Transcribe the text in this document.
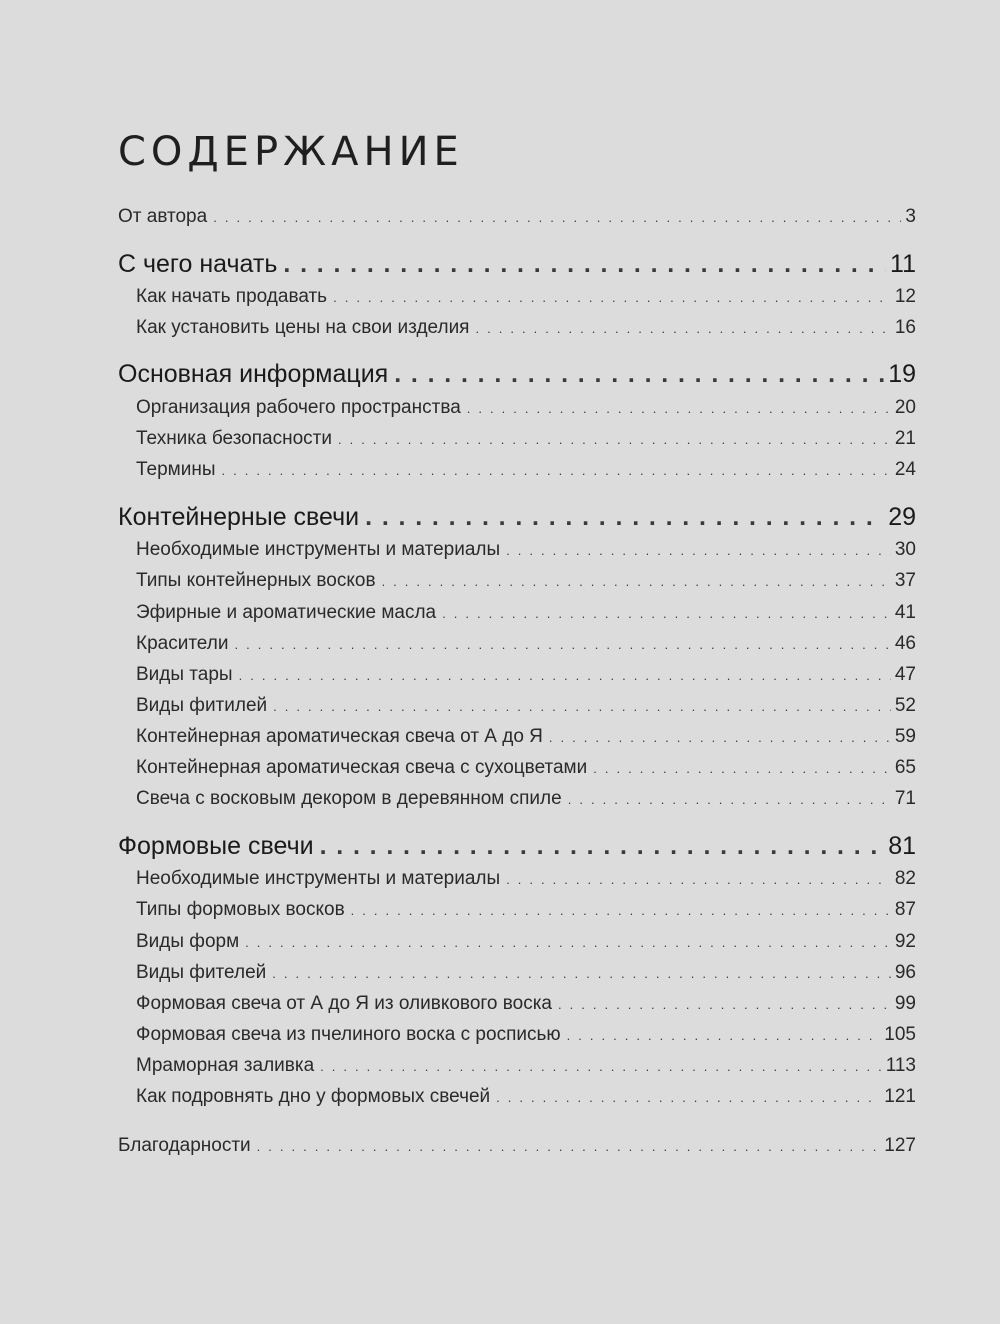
СОДЕРЖАНИЕ
От автора . . .	3
С чего начать . . .	11
Как начать продавать . . .	12
Как установить цены на свои изделия . . .	16
Основная информация . . .	19
Организация рабочего пространства . . .	20
Техника безопасности . . .	21
Термины . . .	24
Контейнерные свечи . . .	29
Необходимые инструменты и материалы . . .	30
Типы контейнерных восков . . .	37
Эфирные и ароматические масла . . .	41
Красители . . .	46
Виды тары . . .	47
Виды фитилей . . .	52
Контейнерная ароматическая свеча от А до Я . . .	59
Контейнерная ароматическая свеча с сухоцветами . . .	65
Свеча с восковым декором в деревянном спиле . . .	71
Формовые свечи . . .	81
Необходимые инструменты и материалы . . .	82
Типы формовых восков . . .	87
Виды форм . . .	92
Виды фителей . . .	96
Формовая свеча от А до Я из оливкового воска . . .	99
Формовая свеча из пчелиного воска с росписью . . .	105
Мраморная заливка . . .	113
Как подровнять дно у формовых свечей . . .	121
Благодарности . . .	127
